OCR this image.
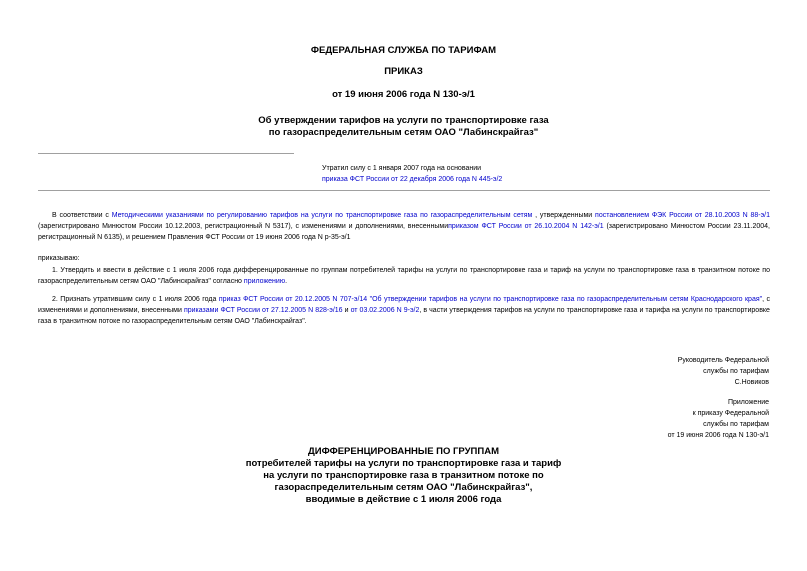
ФЕДЕРАЛЬНАЯ СЛУЖБА ПО ТАРИФАМ
ПРИКАЗ
от 19 июня 2006 года N 130-э/1
Об утверждении тарифов на услуги по транспортировке газа
по газораспределительным сетям ОАО "Лабинскрайгаз"
Утратил силу с 1 января 2007 года на основании
приказа ФСТ России от 22 декабря 2006 года N 445-э/2
В соответствии с Методическими указаниями по регулированию тарифов на услуги по транспортировке газа по газораспределительным сетям , утвержденными постановлением ФЭК России от 28.10.2003 N 88-э/1 (зарегистрировано Минюстом России 10.12.2003, регистрационный N 5317), с изменениями и дополнениями, внесеннымиприказом ФСТ России от 26.10.2004 N 142-э/1 (зарегистрировано Минюстом России 23.11.2004, регистрационный N 6135), и решением Правления ФСТ России от 19 июня 2006 года N р-35-э/1
приказываю:
1. Утвердить и ввести в действие с 1 июля 2006 года дифференцированные по группам потребителей тарифы на услуги по транспортировке газа и тариф на услуги по транспортировке газа в транзитном потоке по газораспределительным сетям ОАО "Лабинскрайгаз" согласно приложению.
2. Признать утратившим силу с 1 июля 2006 года приказ ФСТ России от 20.12.2005 N 707-э/14 "Об утверждении тарифов на услуги по транспортировке газа по газораспределительным сетям Краснодарского края", с изменениями и дополнениями, внесенными приказами ФСТ России от 27.12.2005 N 828-э/16 и от 03.02.2006 N 9-э/2, в части утверждения тарифов на услуги по транспортировке газа и тарифа на услуги по транспортировке газа в транзитном потоке по газораспределительным сетям ОАО "Лабинскрайгаз".
Руководитель Федеральной
службы по тарифам
С.Новиков
Приложение
к приказу Федеральной
службы по тарифам
от 19 июня 2006 года N 130-э/1
ДИФФЕРЕНЦИРОВАННЫЕ ПО ГРУППАМ
потребителей тарифы на услуги по транспортировке газа и тариф
на услуги по транспортировке газа в транзитном потоке по
газораспределительным сетям ОАО "Лабинскрайгаз",
вводимые в действие с 1 июля 2006 года
